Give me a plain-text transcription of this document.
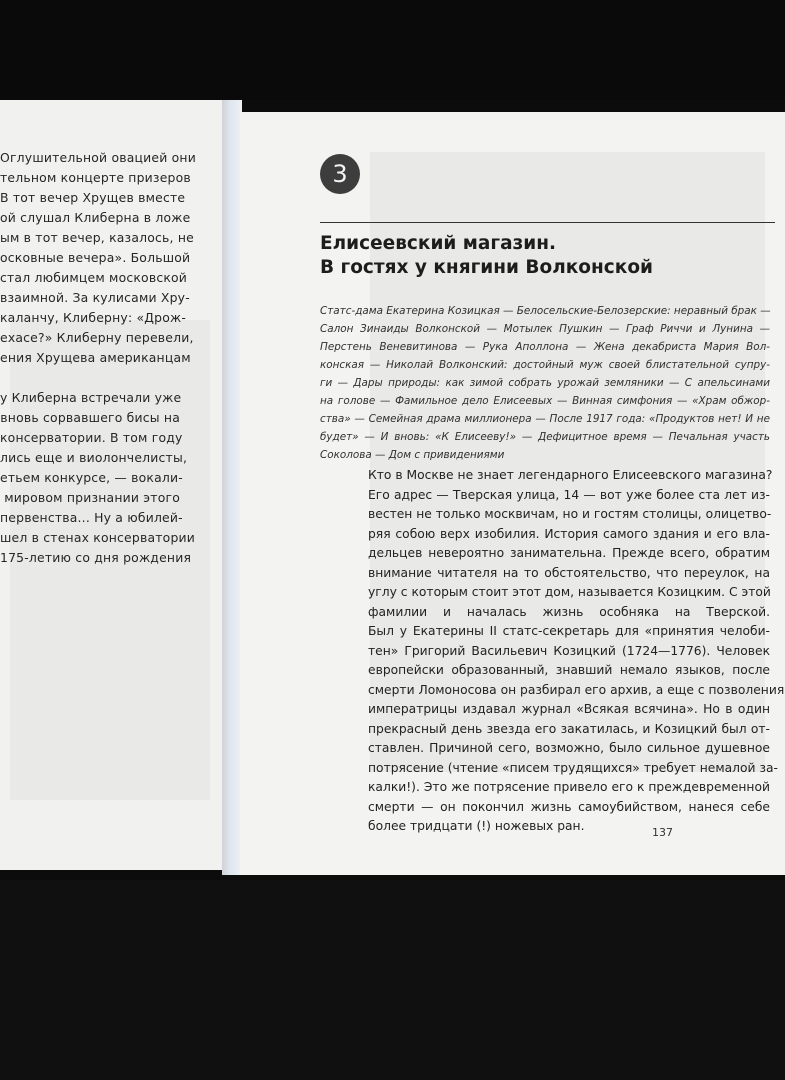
Оглушительной овацией они
тельном концерте призеров
В тот вечер Хрущев вместе
ой слушал Клиберна в ложе
ым в тот вечер, казалось, не
осковные вечера». Большой
стал любимцем московской
взаимной. За кулисами Хру-
каланчу, Клиберну: «Дрож-
ехасе?» Клиберну перевели,
ения Хрущева американцам
у Клиберна встречали уже
вновь сорвавшего бисы на
консерватории. В том году
лись еще и виолончелисты,
етьем конкурсе, — вокали-
мировом признании этого
первенства... Ну а юбилей-
шел в стенах консерватории
175-летию со дня рождения
3
Елисеевский магазин.
В гостях у княгини Волконской
Статс-дама Екатерина Козицкая — Белосельские-Белозерские: неравный брак —
Салон Зинаиды Волконской — Мотылек Пушкин — Граф Риччи и Лунина —
Перстень Веневитинова — Рука Аполлона — Жена декабриста Мария Вол-
конская — Николай Волконский: достойный муж своей блистательной супру-
ги — Дары природы: как зимой собрать урожай земляники — С апельсинами
на голове — Фамильное дело Елисеевых — Винная симфония — «Храм обжор-
ства» — Семейная драма миллионера — После 1917 года: «Продуктов нет! И не
будет» — И вновь: «К Елисееву!» — Дефицитное время — Печальная участь
Соколова — Дом с привидениями
Кто в Москве не знает легендарного Елисеевского магазина?
Его адрес — Тверская улица, 14 — вот уже более ста лет из-
вестен не только москвичам, но и гостям столицы, олицетво-
ряя собою верх изобилия. История самого здания и его вла-
дельцев невероятно занимательна. Прежде всего, обратим
внимание читателя на то обстоятельство, что переулок, на
углу с которым стоит этот дом, называется Козицким. С этой
фамилии и началась жизнь особняка на Тверской.
Был у Екатерины II статс-секретарь для «принятия челоби-
тен» Григорий Васильевич Козицкий (1724—1776). Человек
европейски образованный, знавший немало языков, после
смерти Ломоносова он разбирал его архив, а еще с позволения
императрицы издавал журнал «Всякая всячина». Но в один
прекрасный день звезда его закатилась, и Козицкий был от-
ставлен. Причиной сего, возможно, было сильное душевное
потрясение (чтение «писем трудящихся» требует немалой за-
калки!). Это же потрясение привело его к преждевременной
смерти — он покончил жизнь самоубийством, нанеся себе
более тридцати (!) ножевых ран.	137
